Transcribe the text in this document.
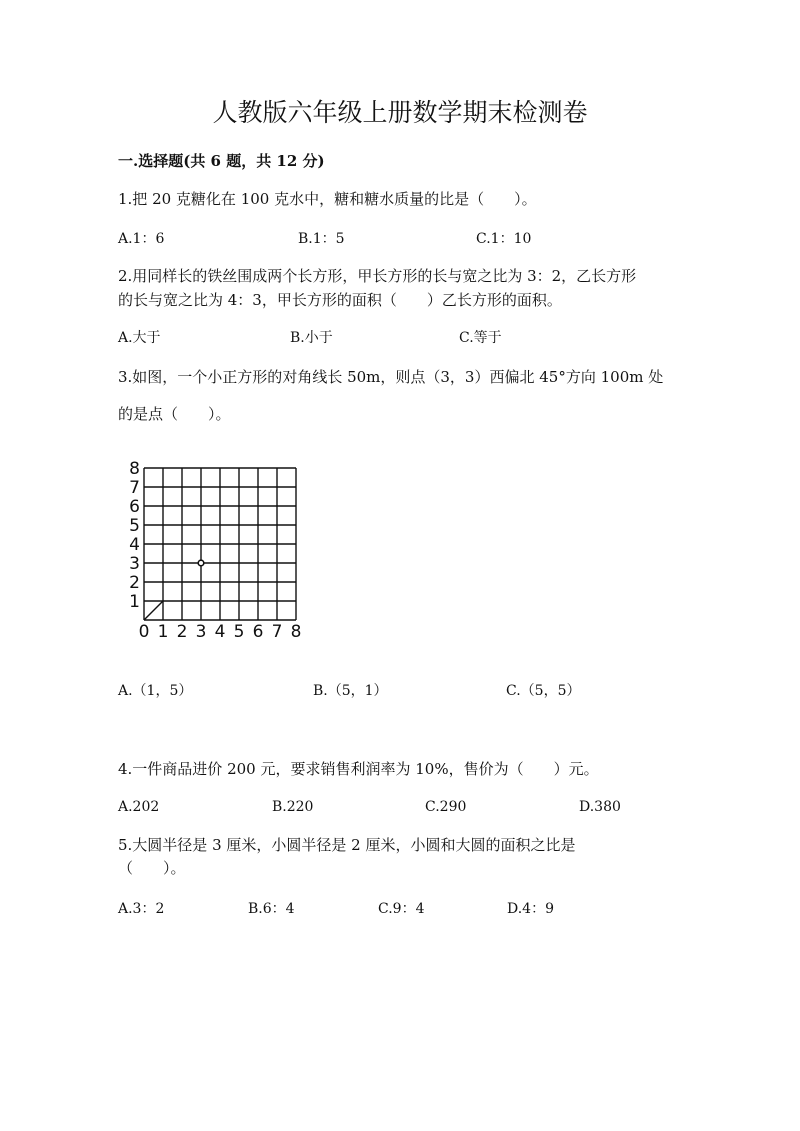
人教版六年级上册数学期末检测卷
一.选择题(共 6 题，共 12 分)
1.把 20 克糖化在 100 克水中，糖和糖水质量的比是（　　）。
A.1：6	B.1：5	C.1：10
2.用同样长的铁丝围成两个长方形，甲长方形的长与宽之比为 3：2，乙长方形
的长与宽之比为 4：3，甲长方形的面积（　　）乙长方形的面积。
A.大于	B.小于	C.等于
3.如图，一个小正方形的对角线长 50m，则点（3，3）西偏北 45°方向 100m 处
的是点（　　）。
0 1 2 3 4 5 6 7 8
1
2
3
4
5
6
7
8
A.（1，5）	B.（5，1）	C.（5，5）
4.一件商品进价 200 元，要求销售利润率为 10%，售价为（　　）元。
A.202	B.220	C.290	D.380
5.大圆半径是 3 厘米，小圆半径是 2 厘米，小圆和大圆的面积之比是
（　　）。
A.3：2	B.6：4	C.9：4	D.4：9
